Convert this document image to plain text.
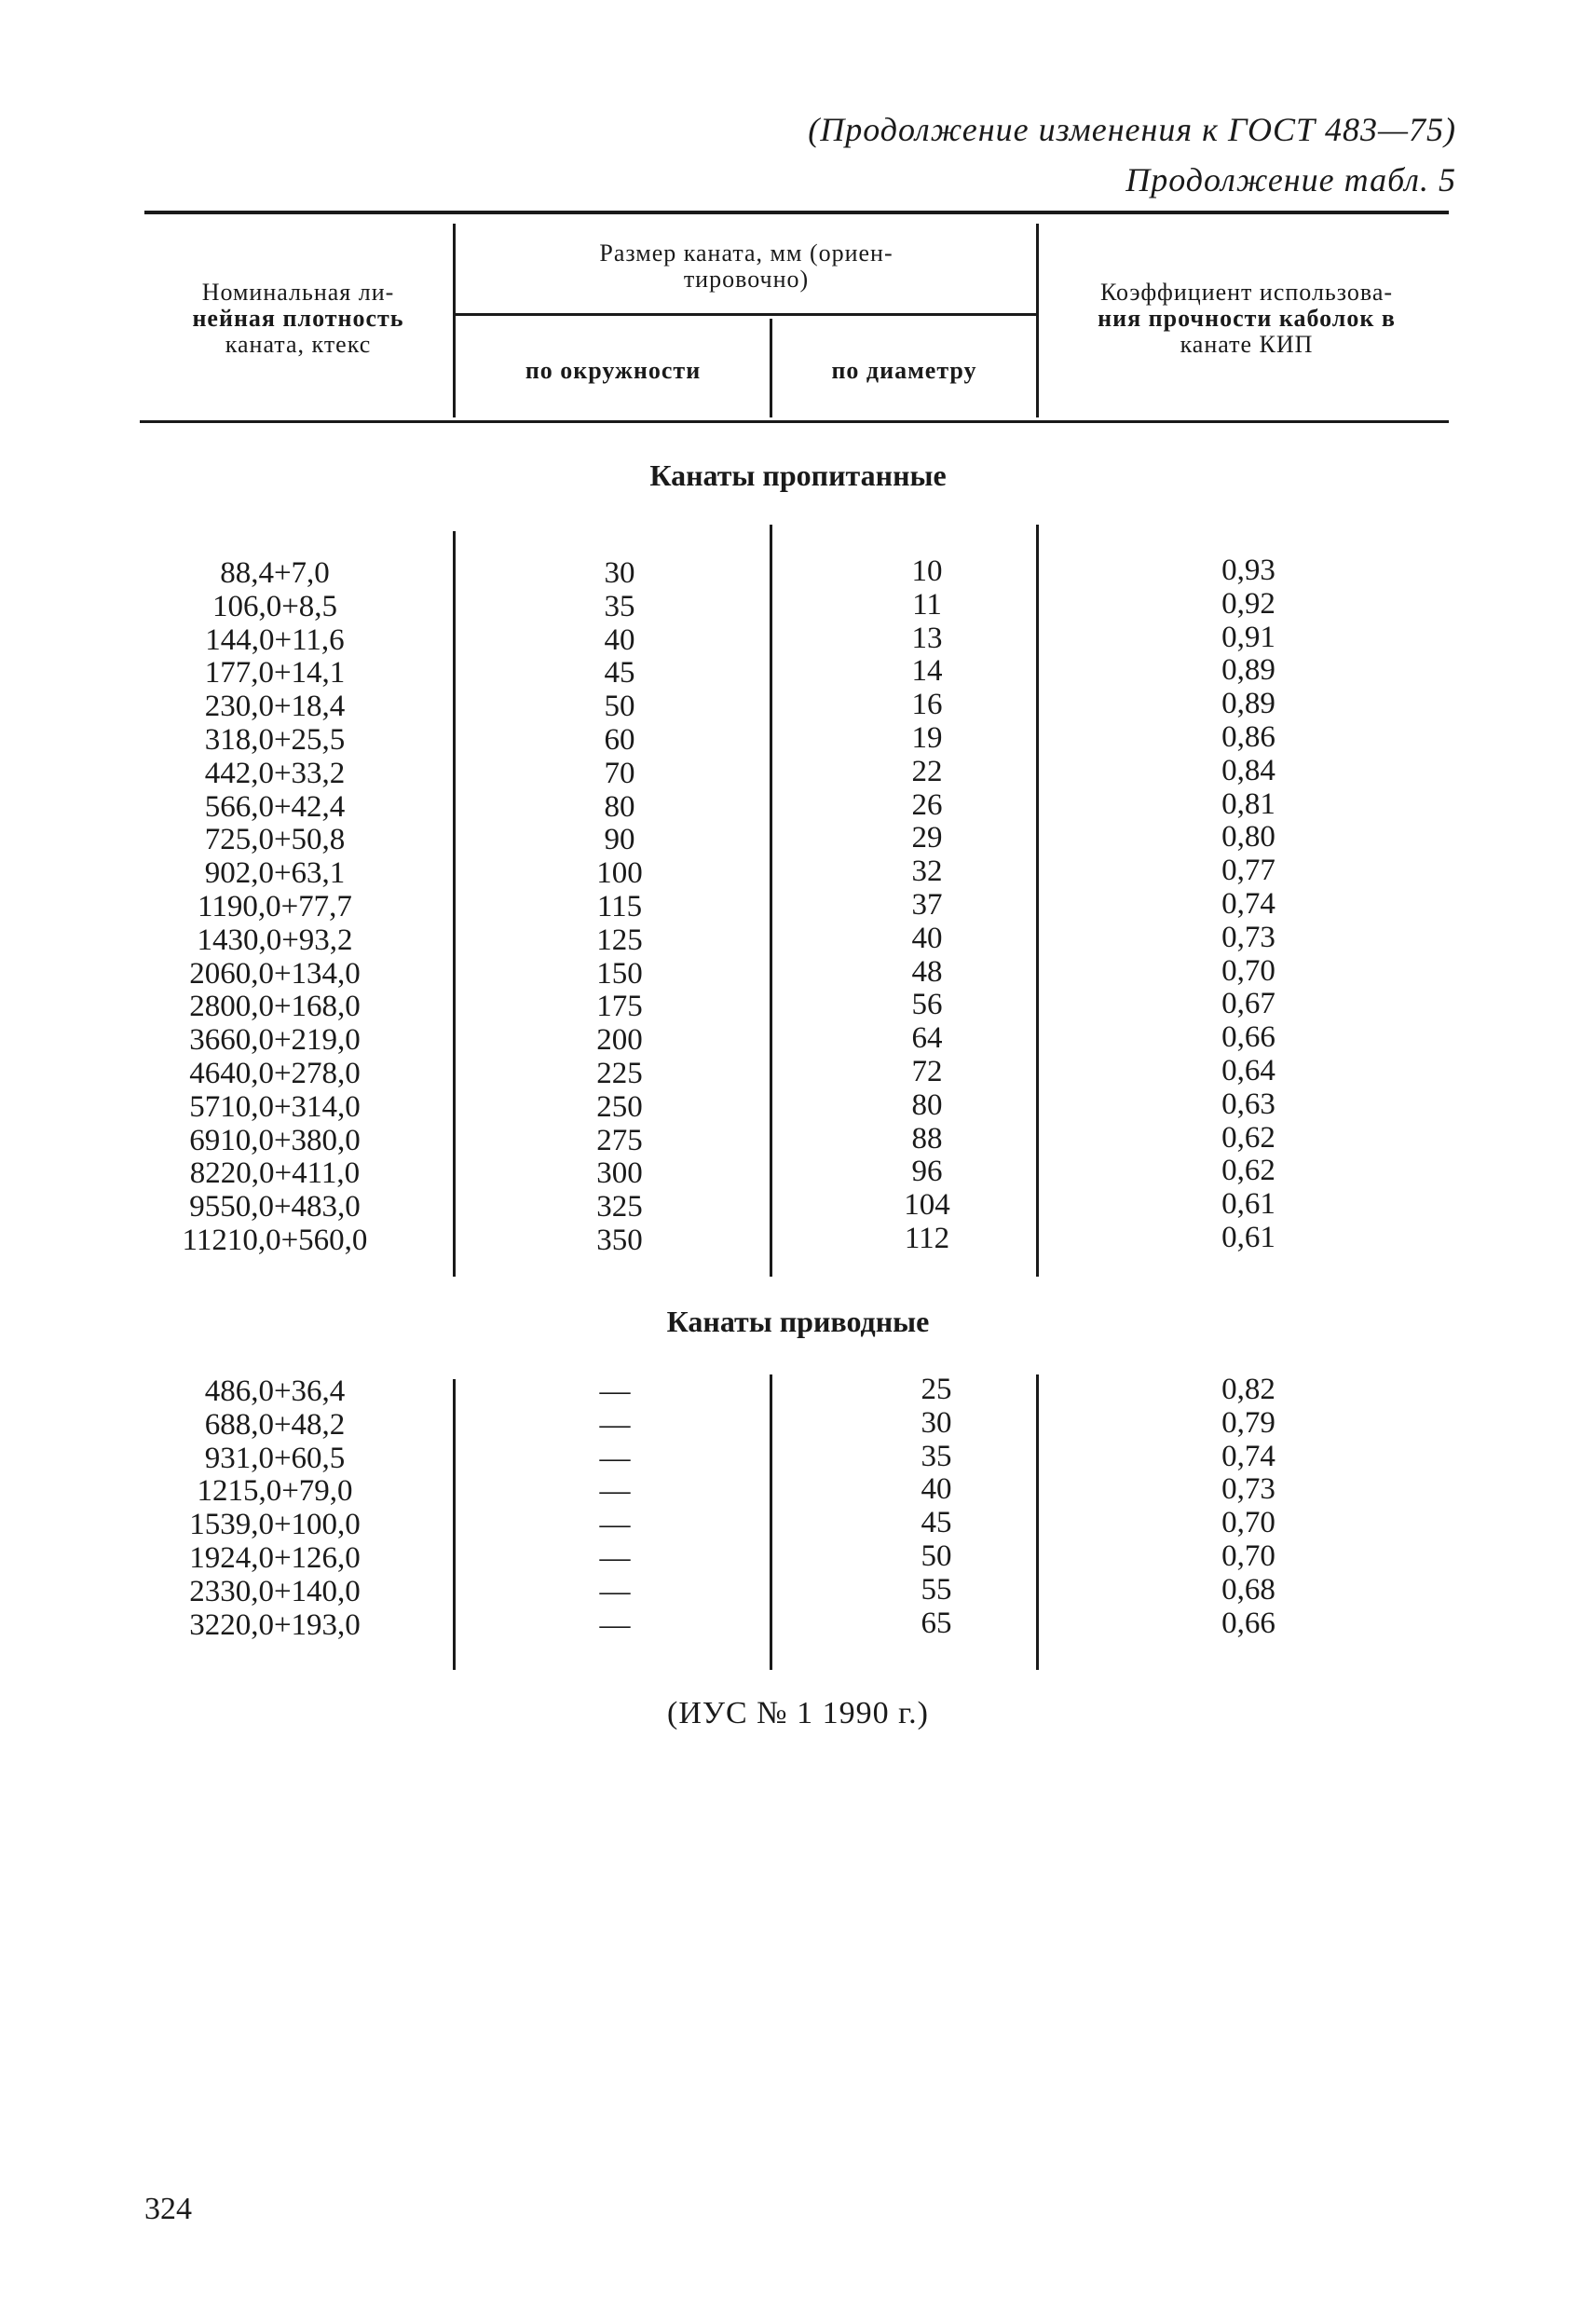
(Продолжение изменения к ГОСТ 483—75)
Продолжение табл. 5
Номинальная ли-
нейная плотность
каната, ктекс
Размер каната, мм (ориен-
тировочно)
по окружности	по диаметру
Коэффициент использова-
ния прочности каболок в
канате КИП
Канаты пропитанные
88,4+7,0
106,0+8,5
144,0+11,6
177,0+14,1
230,0+18,4
318,0+25,5
442,0+33,2
566,0+42,4
725,0+50,8
902,0+63,1
1190,0+77,7
1430,0+93,2
2060,0+134,0
2800,0+168,0
3660,0+219,0
4640,0+278,0
5710,0+314,0
6910,0+380,0
8220,0+411,0
9550,0+483,0
11210,0+560,0
30
35
40
45
50
60
70
80
90
100
115
125
150
175
200
225
250
275
300
325
350
10
11
13
14
16
19
22
26
29
32
37
40
48
56
64
72
80
88
96
104
112
0,93
0,92
0,91
0,89
0,89
0,86
0,84
0,81
0,80
0,77
0,74
0,73
0,70
0,67
0,66
0,64
0,63
0,62
0,62
0,61
0,61
Канаты приводные
486,0+36,4
688,0+48,2
931,0+60,5
1215,0+79,0
1539,0+100,0
1924,0+126,0
2330,0+140,0
3220,0+193,0
—
—
—
—
—
—
—
—
25
30
35
40
45
50
55
65
0,82
0,79
0,74
0,73
0,70
0,70
0,68
0,66
(ИУС № 1 1990 г.)
324
